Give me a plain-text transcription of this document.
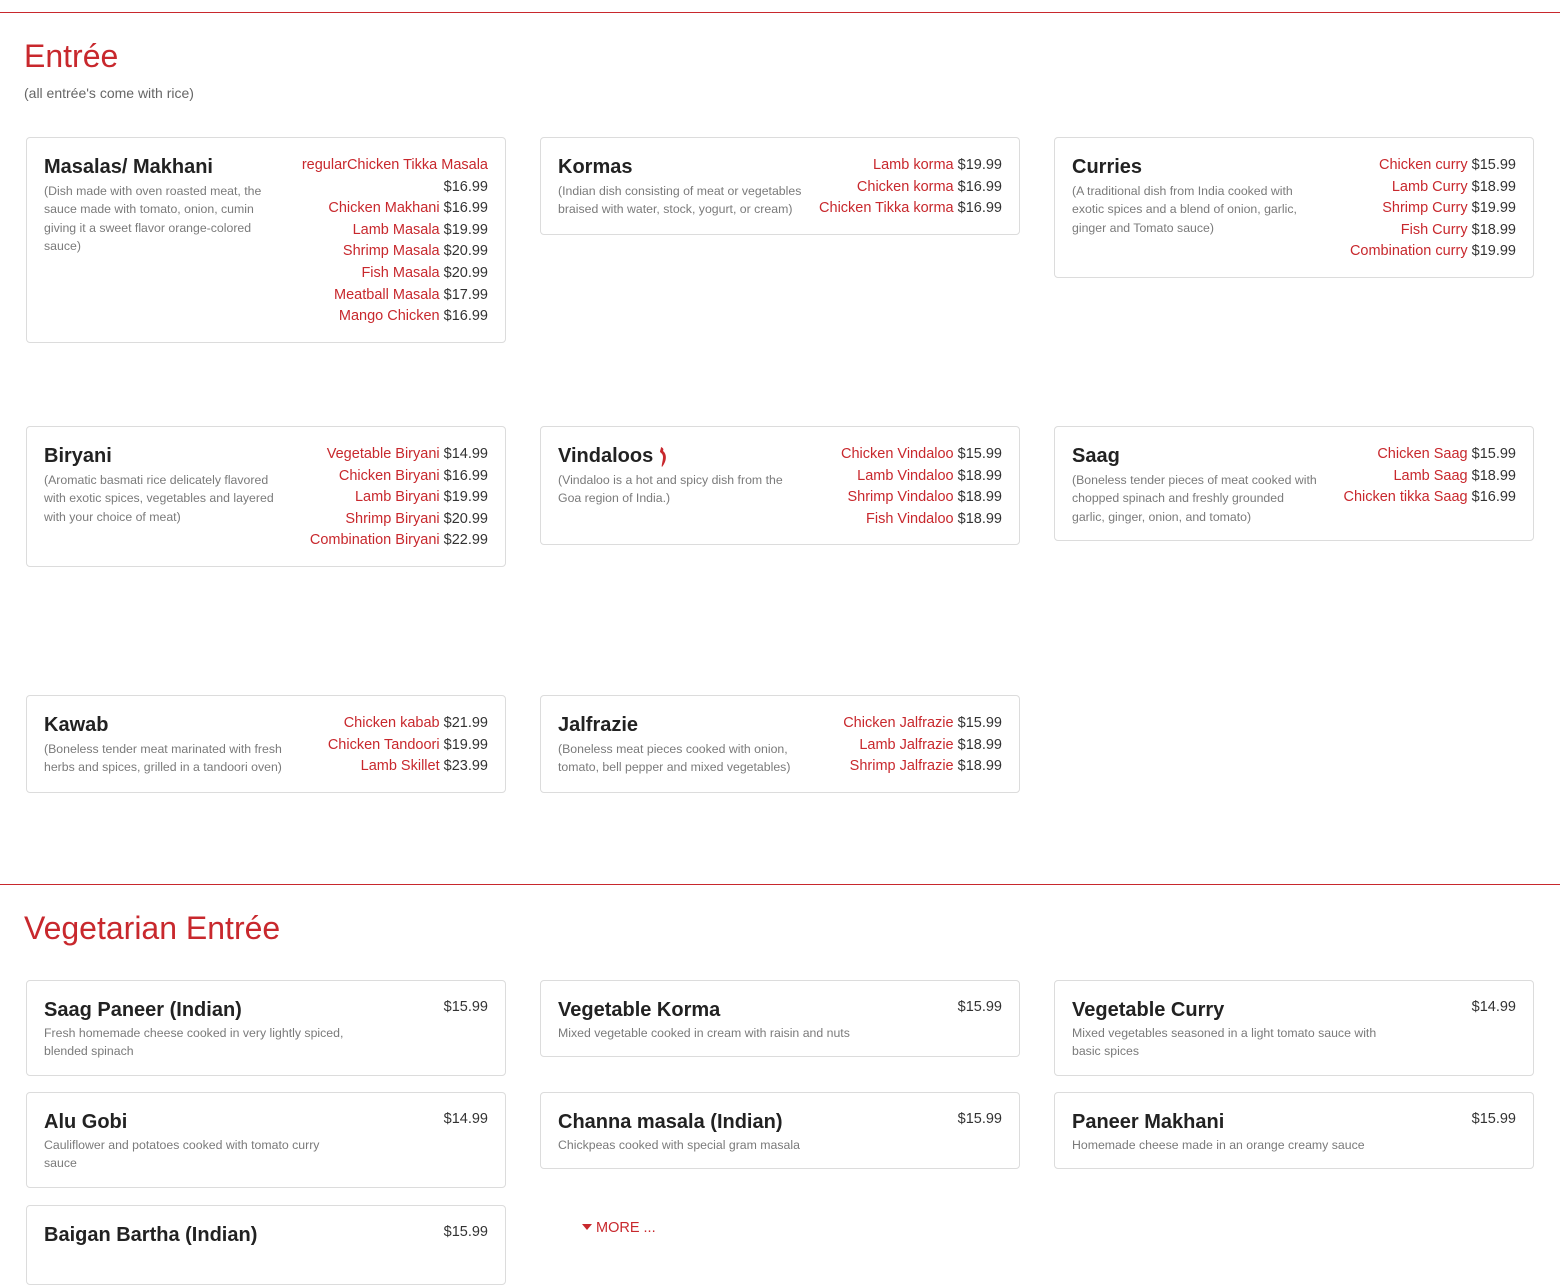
Entrée

(all entrée's come with rice)

Masalas/ Makhani

(Dish made with oven roasted meat, the sauce made with tomato, onion, cumin giving it a sweet flavor orange-colored sauce)

regularChicken Tikka Masala $16.99
Chicken Makhani $16.99
Lamb Masala $19.99
Shrimp Masala $20.99
Fish Masala $20.99
Meatball Masala $17.99
Mango Chicken $16.99
Kormas

(Indian dish consisting of meat or vegetables braised with water, stock, yogurt, or cream)

Lamb korma $19.99
Chicken korma $16.99
Chicken Tikka korma $16.99
Curries

(A traditional dish from India cooked with exotic spices and a blend of onion, garlic, ginger and Tomato sauce)

Chicken curry $15.99
Lamb Curry $18.99
Shrimp Curry $19.99
Fish Curry $18.99
Combination curry $19.99
Biryani

(Aromatic basmati rice delicately flavored with exotic spices, vegetables and layered with your choice of meat)

Vegetable Biryani $14.99
Chicken Biryani $16.99
Lamb Biryani $19.99
Shrimp Biryani $20.99
Combination Biryani $22.99
Vindaloos

(Vindaloo is a hot and spicy dish from the Goa region of India.)

Chicken Vindaloo $15.99
Lamb Vindaloo $18.99
Shrimp Vindaloo $18.99
Fish Vindaloo $18.99
Saag

(Boneless tender pieces of meat cooked with chopped spinach and freshly grounded garlic, ginger, onion, and tomato)

Chicken Saag $15.99
Lamb Saag $18.99
Chicken tikka Saag $16.99
Kawab

(Boneless tender meat marinated with fresh herbs and spices, grilled in a tandoori oven)

Chicken kabab $21.99
Chicken Tandoori $19.99
Lamb Skillet $23.99
Jalfrazie

(Boneless meat pieces cooked with onion, tomato, bell pepper and mixed vegetables)

Chicken Jalfrazie $15.99
Lamb Jalfrazie $18.99
Shrimp Jalfrazie $18.99
Vegetarian Entrée
Saag Paneer (Indian)

Fresh homemade cheese cooked in very lightly spiced, blended spinach

$15.99	Vegetable Korma

Mixed vegetable cooked in cream with raisin and nuts

$15.99	Vegetable Curry

Mixed vegetables seasoned in a light tomato sauce with basic spices

$14.99
Alu Gobi

Cauliflower and potatoes cooked with tomato curry sauce

$14.99	Channa masala (Indian)

Chickpeas cooked with special gram masala

$15.99	Paneer Makhani

Homemade cheese made in an orange creamy sauce

$15.99
Baigan Bartha (Indian)	$15.99	MORE ...
